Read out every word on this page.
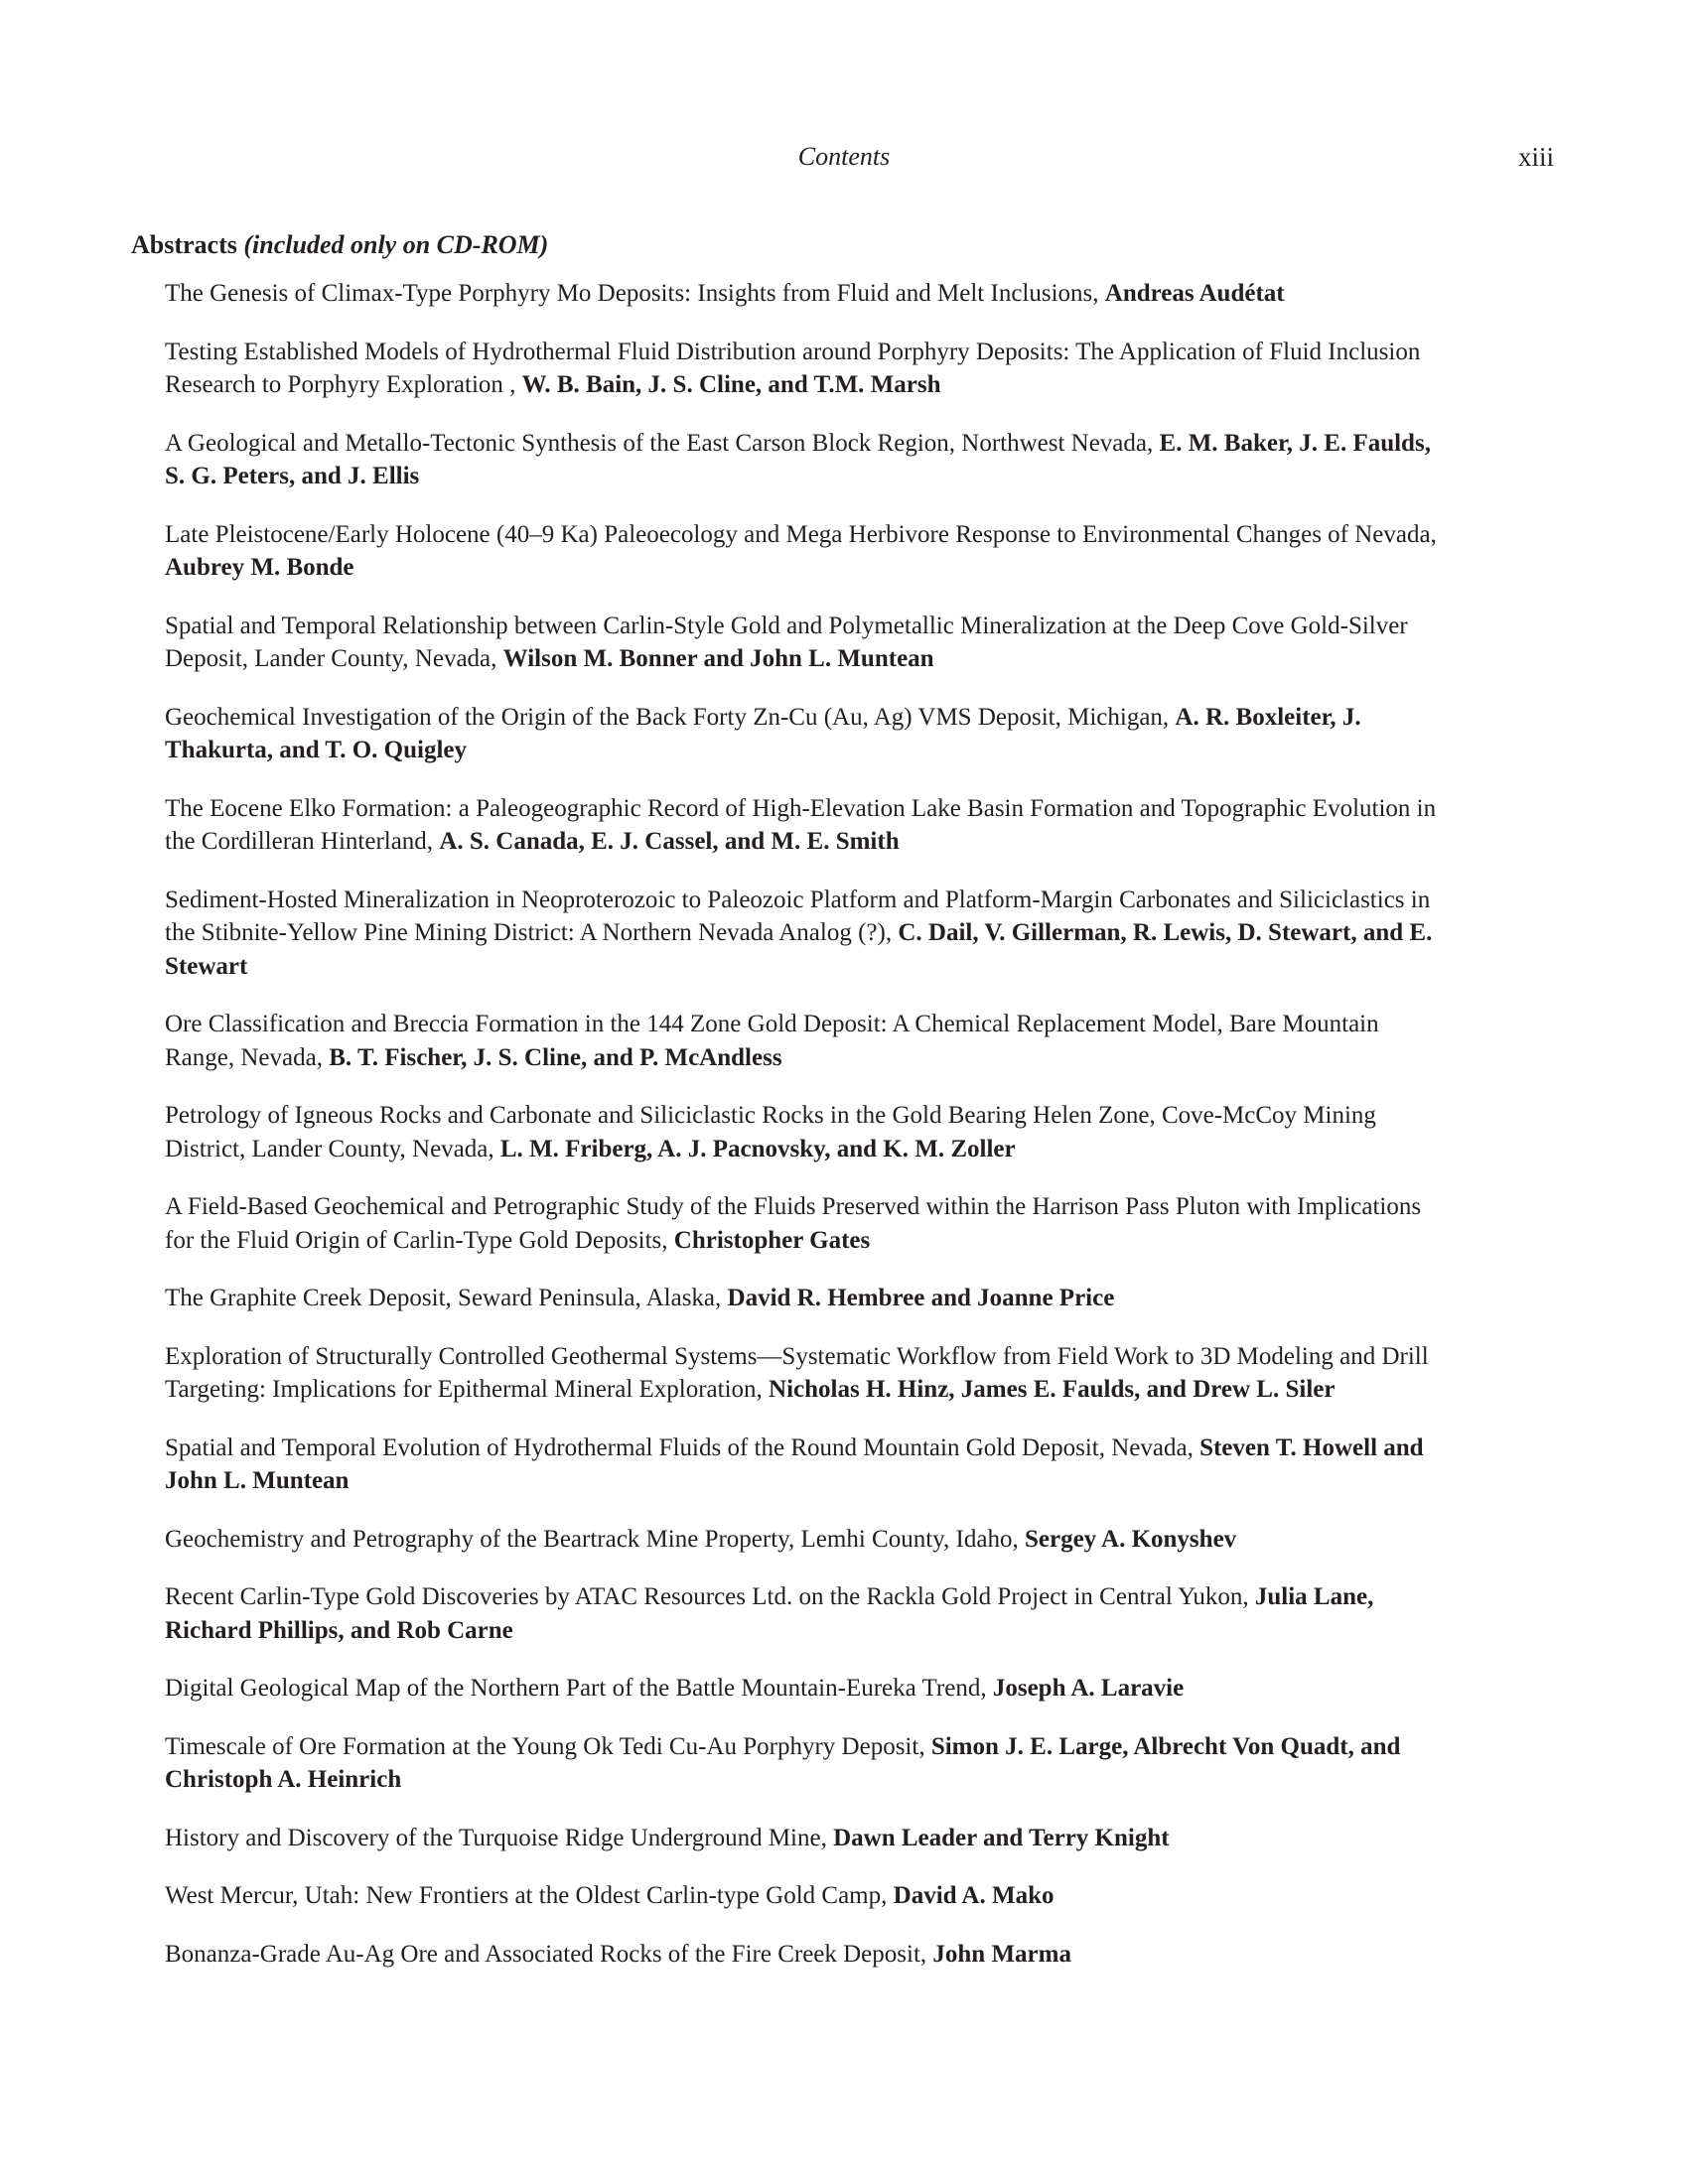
Contents	xiii
Abstracts (included only on CD-ROM)
The Genesis of Climax-Type Porphyry Mo Deposits: Insights from Fluid and Melt Inclusions, Andreas Audétat
Testing Established Models of Hydrothermal Fluid Distribution around Porphyry Deposits: The Application of Fluid Inclusion Research to Porphyry Exploration , W. B. Bain, J. S. Cline, and T.M. Marsh
A Geological and Metallo-Tectonic Synthesis of the East Carson Block Region, Northwest Nevada, E. M. Baker, J. E. Faulds, S. G. Peters, and J. Ellis
Late Pleistocene/Early Holocene (40–9 Ka) Paleoecology and Mega Herbivore Response to Environmental Changes of Nevada, Aubrey M. Bonde
Spatial and Temporal Relationship between Carlin-Style Gold and Polymetallic Mineralization at the Deep Cove Gold-Silver Deposit, Lander County, Nevada, Wilson M. Bonner and John L. Muntean
Geochemical Investigation of the Origin of the Back Forty Zn-Cu (Au, Ag) VMS Deposit, Michigan, A. R. Boxleiter, J. Thakurta, and T. O. Quigley
The Eocene Elko Formation: a Paleogeographic Record of High-Elevation Lake Basin Formation and Topographic Evolution in the Cordilleran Hinterland, A. S. Canada, E. J. Cassel, and M. E. Smith
Sediment-Hosted Mineralization in Neoproterozoic to Paleozoic Platform and Platform-Margin Carbonates and Siliciclastics in the Stibnite-Yellow Pine Mining District: A Northern Nevada Analog (?), C. Dail, V. Gillerman, R. Lewis, D. Stewart, and E. Stewart
Ore Classification and Breccia Formation in the 144 Zone Gold Deposit: A Chemical Replacement Model, Bare Mountain Range, Nevada, B. T. Fischer, J. S. Cline, and P. McAndless
Petrology of Igneous Rocks and Carbonate and Siliciclastic Rocks in the Gold Bearing Helen Zone, Cove-McCoy Mining District, Lander County, Nevada, L. M. Friberg, A. J. Pacnovsky, and K. M. Zoller
A Field-Based Geochemical and Petrographic Study of the Fluids Preserved within the Harrison Pass Pluton with Implications for the Fluid Origin of Carlin-Type Gold Deposits, Christopher Gates
The Graphite Creek Deposit, Seward Peninsula, Alaska, David R. Hembree and Joanne Price
Exploration of Structurally Controlled Geothermal Systems—Systematic Workflow from Field Work to 3D Modeling and Drill Targeting: Implications for Epithermal Mineral Exploration, Nicholas H. Hinz, James E. Faulds, and Drew L. Siler
Spatial and Temporal Evolution of Hydrothermal Fluids of the Round Mountain Gold Deposit, Nevada, Steven T. Howell and John L. Muntean
Geochemistry and Petrography of the Beartrack Mine Property, Lemhi County, Idaho, Sergey A. Konyshev
Recent Carlin-Type Gold Discoveries by ATAC Resources Ltd. on the Rackla Gold Project in Central Yukon, Julia Lane, Richard Phillips, and Rob Carne
Digital Geological Map of the Northern Part of the Battle Mountain-Eureka Trend, Joseph A. Laravie
Timescale of Ore Formation at the Young Ok Tedi Cu-Au Porphyry Deposit, Simon J. E. Large, Albrecht Von Quadt, and Christoph A. Heinrich
History and Discovery of the Turquoise Ridge Underground Mine, Dawn Leader and Terry Knight
West Mercur, Utah: New Frontiers at the Oldest Carlin-type Gold Camp, David A. Mako
Bonanza-Grade Au-Ag Ore and Associated Rocks of the Fire Creek Deposit, John Marma
